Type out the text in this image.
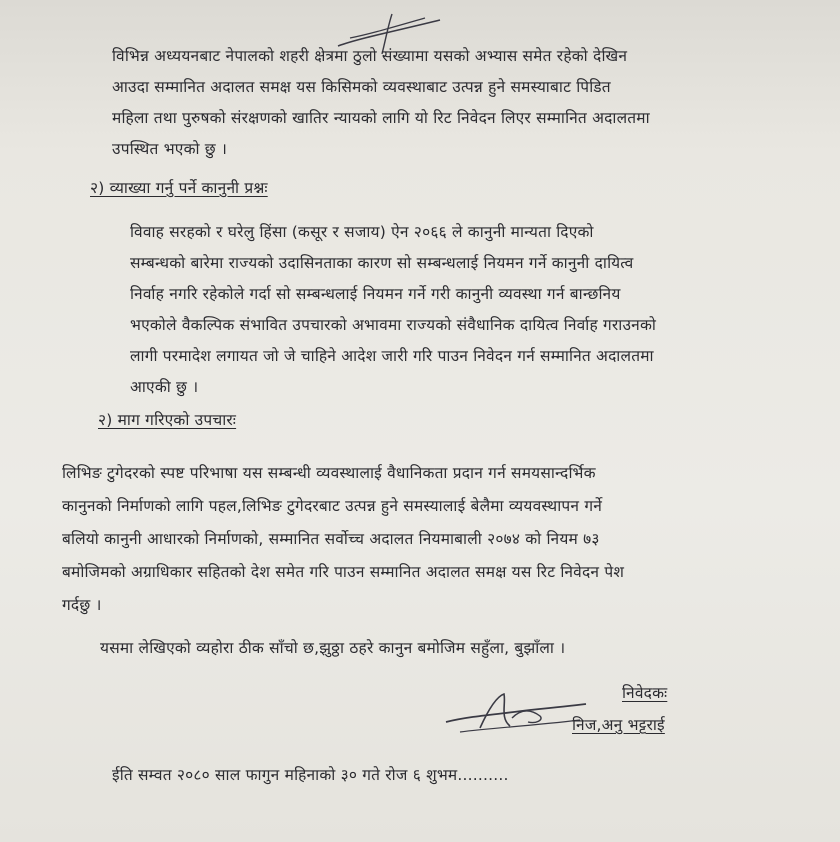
विभिन्न अध्ययनबाट नेपालको शहरी क्षेत्रमा ठुलो संख्यामा यसको अभ्यास समेत रहेको देखिन
आउदा सम्मानित अदालत समक्ष यस किसिमको व्यवस्थाबाट उत्पन्न हुने समस्याबाट पिडित
महिला तथा पुरुषको संरक्षणको खातिर न्यायको लागि यो रिट निवेदन लिएर सम्मानित अदालतमा
उपस्थित भएको छु ।
२) व्याख्या गर्नु पर्ने कानुनी प्रश्नः
विवाह सरहको र घरेलु हिंसा (कसूर र सजाय) ऐन २०६६ ले कानुनी मान्यता दिएको
सम्बन्धको बारेमा राज्यको उदासिनताका कारण सो सम्बन्धलाई नियमन गर्ने कानुनी दायित्व
निर्वाह नगरि रहेकोले गर्दा सो सम्बन्धलाई नियमन गर्ने गरी कानुनी व्यवस्था गर्न बान्छनिय
भएकोले वैकल्पिक संभावित उपचारको अभावमा राज्यको संवैधानिक दायित्व निर्वाह गराउनको
लागी परमादेश लगायत जो जे चाहिने आदेश जारी गरि पाउन निवेदन गर्न सम्मानित अदालतमा
आएकी छु ।
२) माग गरिएको उपचारः
लिभिङ टुगेदरको स्पष्ट परिभाषा यस सम्बन्धी व्यवस्थालाई वैधानिकता प्रदान गर्न समयसान्दर्भिक
कानुनको निर्माणको लागि पहल,लिभिङ टुगेदरबाट उत्पन्न हुने समस्यालाई बेलैमा व्ययवस्थापन गर्ने
बलियो कानुनी आधारको निर्माणको, सम्मानित सर्वोच्च अदालत नियमाबाली २०७४ को नियम ७३
बमोजिमको अग्राधिकार सहितको देश समेत गरि पाउन सम्मानित अदालत समक्ष यस रिट निवेदन पेश
गर्दछु ।
यसमा लेखिएको व्यहोरा ठीक साँचो छ,झुठ्ठा ठहरे कानुन बमोजिम सहुँला, बुझाँला ।
निवेदकः
निज,अनु भट्टराई
ईति सम्वत २०८० साल फागुन महिनाको ३० गते रोज ६ शुभम..........
